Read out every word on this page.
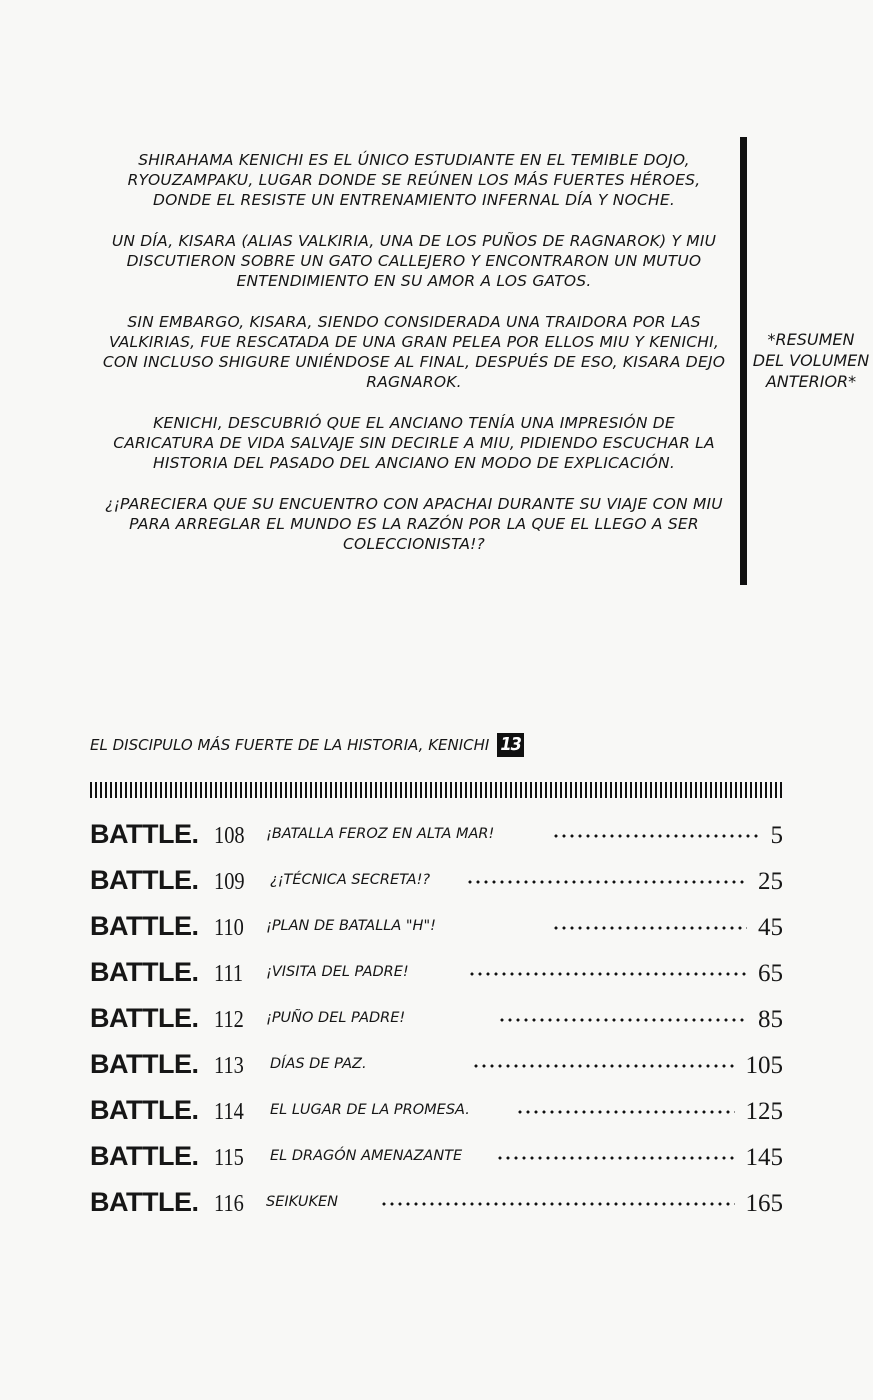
SHIRAHAMA KENICHI ES EL ÚNICO ESTUDIANTE EN EL TEMIBLE DOJO, RYOUZAMPAKU, LUGAR DONDE SE REÚNEN LOS MÁS FUERTES HÉROES, DONDE EL RESISTE UN ENTRENAMIENTO INFERNAL DÍA Y NOCHE.

UN DÍA, KISARA (ALIAS VALKIRIA, UNA DE LOS PUÑOS DE RAGNAROK) Y MIU DISCUTIERON SOBRE UN GATO CALLEJERO Y ENCONTRARON UN MUTUO ENTENDIMIENTO EN SU AMOR A LOS GATOS.

SIN EMBARGO, KISARA, SIENDO CONSIDERADA UNA TRAIDORA POR LAS VALKIRIAS, FUE RESCATADA DE UNA GRAN PELEA POR ELLOS MIU Y KENICHI, CON INCLUSO SHIGURE UNIÉNDOSE AL FINAL, DESPUÉS DE ESO, KISARA DEJO RAGNAROK.

KENICHI, DESCUBRIÓ QUE EL ANCIANO TENÍA UNA IMPRESIÓN DE CARICATURA DE VIDA SALVAJE SIN DECIRLE A MIU, PIDIENDO ESCUCHAR LA HISTORIA DEL PASADO DEL ANCIANO EN MODO DE EXPLICACIÓN.

¿¡PARECIERA QUE SU ENCUENTRO CON APACHAI DURANTE SU VIAJE CON MIU PARA ARREGLAR EL MUNDO ES LA RAZÓN POR LA QUE EL LLEGO A SER COLECCIONISTA!?

*RESUMEN DEL VOLUMEN ANTERIOR*
EL DISCIPULO MÁS FUERTE DE LA HISTORIA, KENICHI 13
BATTLE. 108 ¡BATALLA FEROZ EN ALTA MAR!	5
BATTLE. 109 ¿¡TÉCNICA SECRETA!?	25
BATTLE. 110 ¡PLAN DE BATALLA "H"!	45
BATTLE. 111 ¡VISITA DEL PADRE!	65
BATTLE. 112 ¡PUÑO DEL PADRE!	85
BATTLE. 113 DÍAS DE PAZ.	105
BATTLE. 114 EL LUGAR DE LA PROMESA.	125
BATTLE. 115 EL DRAGÓN AMENAZANTE	145
BATTLE. 116 SEIKUKEN	165
